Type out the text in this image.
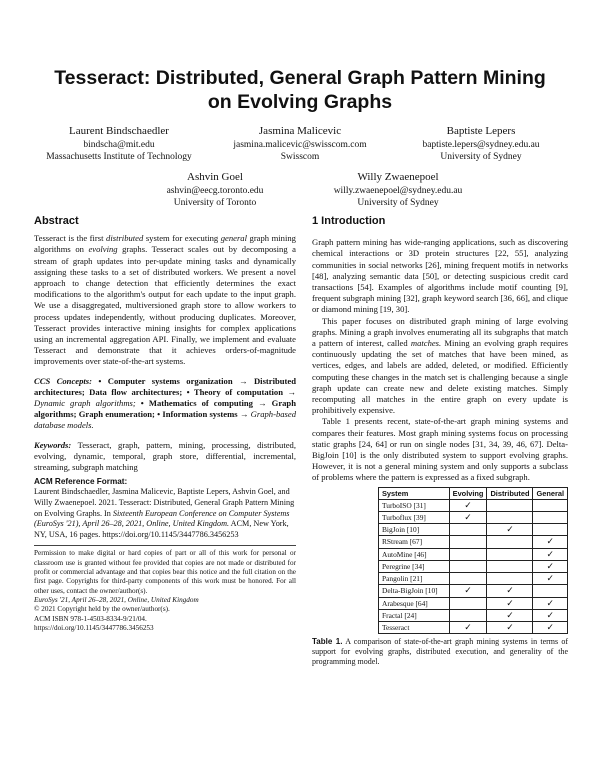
Tesseract: Distributed, General Graph Pattern Mining
on Evolving Graphs
Laurent Bindschaedler
bindscha@mit.edu
Massachusetts Institute of Technology
Jasmina Malicevic
jasmina.malicevic@swisscom.com
Swisscom
Baptiste Lepers
baptiste.lepers@sydney.edu.au
University of Sydney
Ashvin Goel
ashvin@eecg.toronto.edu
University of Toronto
Willy Zwaenepoel
willy.zwaenepoel@sydney.edu.au
University of Sydney
Abstract

Tesseract is the first distributed system for executing general graph mining algorithms on evolving graphs. Tesseract scales out by decomposing a stream of graph updates into per-update mining tasks and dynamically assigning these tasks to a set of distributed workers. We present a novel approach to change detection that efficiently determines the exact modifications to the algorithm's output for each update to the input graph. We use a disaggregated, multiversioned graph store to allow workers to process updates independently, without producing duplicates. Moreover, Tesseract provides interactive mining insights for complex applications using an incremental aggregation API. Finally, we implement and evaluate Tesseract and demonstrate that it achieves orders-of-magnitude improvements over state-of-the-art systems.

CCS Concepts: • Computer systems organization → Distributed architectures; Data flow architectures; • Theory of computation → Dynamic graph algorithms; • Mathematics of computing → Graph algorithms; Graph enumeration; • Information systems → Graph-based database models.

Keywords: Tesseract, graph, pattern, mining, processing, distributed, evolving, dynamic, temporal, graph store, differential, incremental, streaming, subgraph matching

ACM Reference Format:

Laurent Bindschaedler, Jasmina Malicevic, Baptiste Lepers, Ashvin Goel, and Willy Zwaenepoel. 2021. Tesseract: Distributed, General Graph Pattern Mining on Evolving Graphs. In Sixteenth European Conference on Computer Systems (EuroSys '21), April 26–28, 2021, Online, United Kingdom. ACM, New York, NY, USA, 16 pages. https://doi.org/10.1145/3447786.3456253

Permission to make digital or hard copies of part or all of this work for personal or classroom use is granted without fee provided that copies are not made or distributed for profit or commercial advantage and that copies bear this notice and the full citation on the first page. Copyrights for third-party components of this work must be honored. For all other uses, contact the owner/author(s).

EuroSys '21, April 26–28, 2021, Online, United Kingdom

© 2021 Copyright held by the owner/author(s).

ACM ISBN 978-1-4503-8334-9/21/04.

https://doi.org/10.1145/3447786.3456253

1 Introduction

Graph pattern mining has wide-ranging applications, such as discovering chemical interactions or 3D protein structures [22, 55], analyzing communities in social networks [26], mining frequent motifs in networks [48], analyzing semantic data [50], or detecting suspicious credit card transactions [54]. Examples of algorithms include motif counting [9], frequent subgraph mining [32], graph keyword search [36, 66], and clique or diamond mining [19, 30].

This paper focuses on distributed graph mining of large evolving graphs. Mining a graph involves enumerating all its subgraphs that match a pattern of interest, called matches. Mining an evolving graph requires continuously updating the set of matches that have been mined, as vertices, edges, and labels are added, deleted, or modified. Efficiently computing these changes in the match set is challenging because a single graph update can create new and delete existing matches. Simply recomputing all matches in the entire graph on every update is prohibitively expensive.

Table 1 presents recent, state-of-the-art graph mining systems and compares their features. Most graph mining systems focus on processing static graphs [24, 64] or run on single nodes [31, 34, 39, 46, 67]. Delta-BigJoin [10] is the only distributed system to support evolving graphs. However, it is not a general mining system and only supports a subclass of problems where the pattern is expressed as a fixed subgraph.

System	Evolving	Distributed	General
TurboISO [31]	✓		
Turboflux [39]	✓		
BigJoin [10]		✓	
RStream [67]			✓
AutoMine [46]			✓
Peregrine [34]			✓
Pangolin [21]			✓
Delta-BigJoin [10]	✓	✓	
Arabesque [64]		✓	✓
Fractal [24]		✓	✓
Tesseract	✓	✓	✓

Table 1. A comparison of state-of-the-art graph mining systems in terms of support for evolving graphs, distributed execution, and generality of the programming model.
